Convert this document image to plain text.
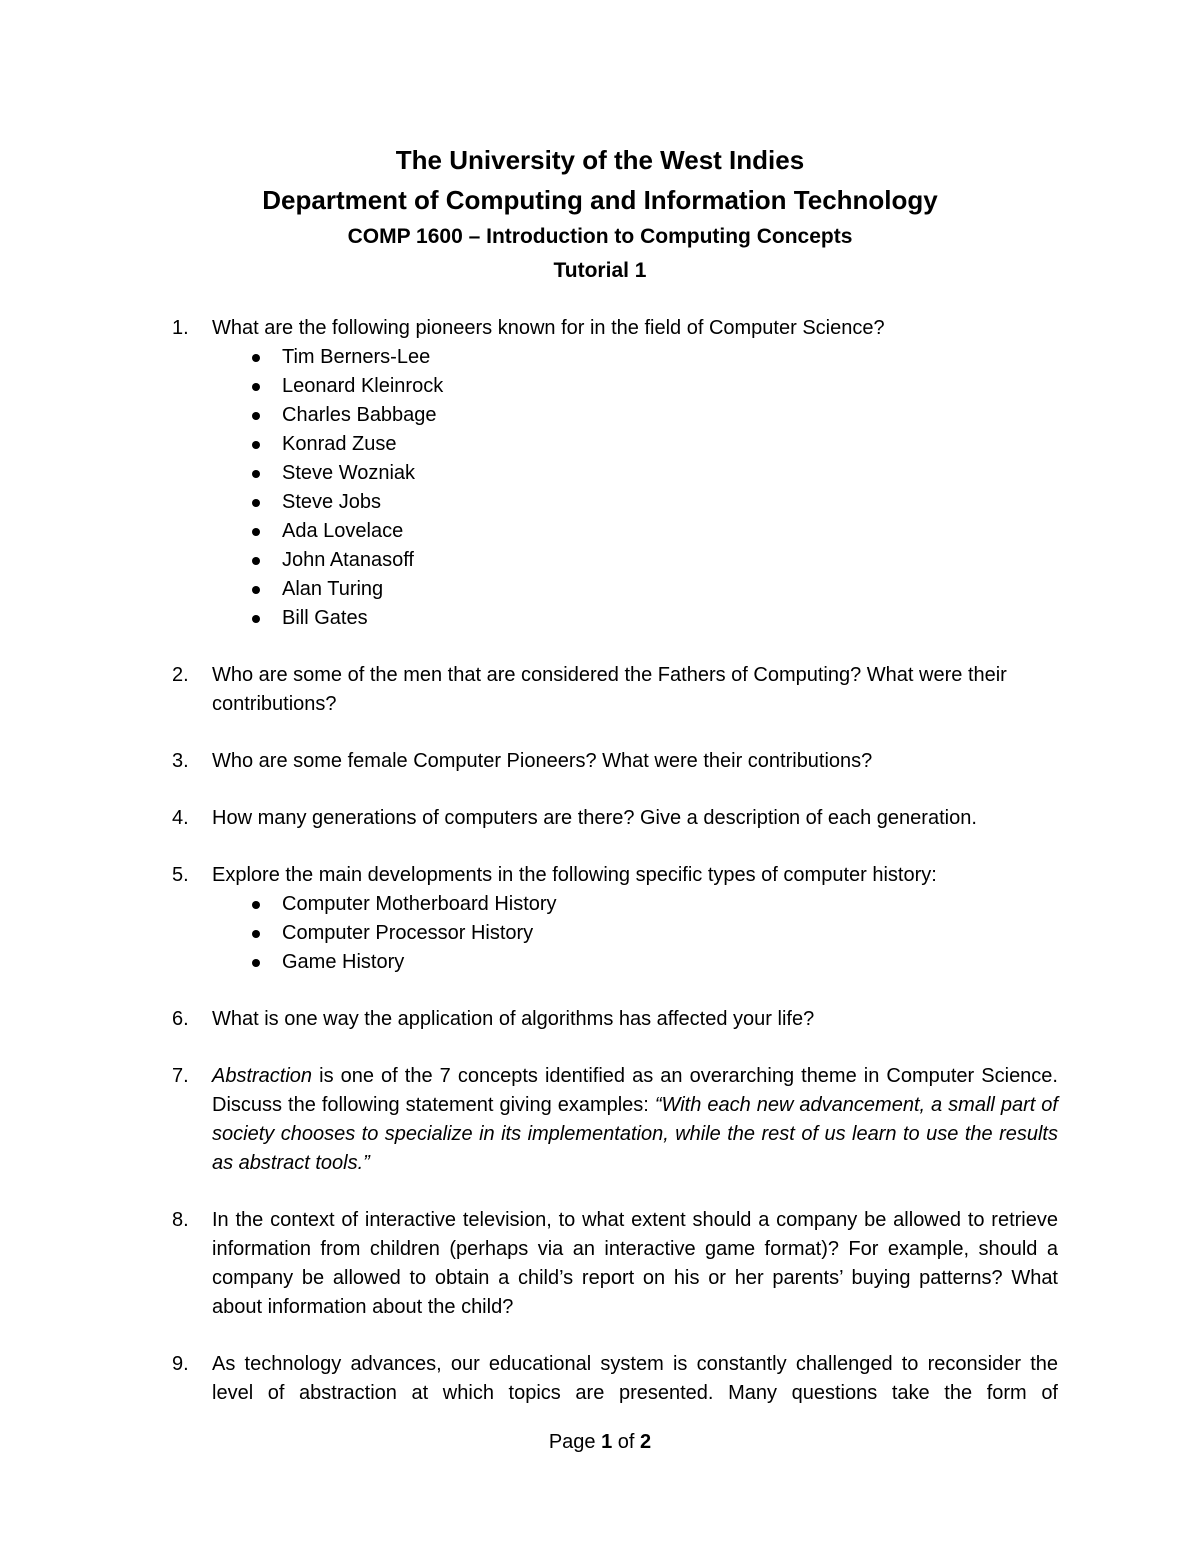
The University of the West Indies
Department of Computing and Information Technology
COMP 1600 – Introduction to Computing Concepts
Tutorial 1
1.	What are the following pioneers known for in the field of Computer Science?
Tim Berners-Lee
Leonard Kleinrock
Charles Babbage
Konrad Zuse
Steve Wozniak
Steve Jobs
Ada Lovelace
John Atanasoff
Alan Turing
Bill Gates
2.	Who are some of the men that are considered the Fathers of Computing? What were their contributions?
3.	Who are some female Computer Pioneers? What were their contributions?
4.	How many generations of computers are there? Give a description of each generation.
5.	Explore the main developments in the following specific types of computer history:
Computer Motherboard History
Computer Processor History
Game History
6.	What is one way the application of algorithms has affected your life?
7.	Abstraction is one of the 7 concepts identified as an overarching theme in Computer Science. Discuss the following statement giving examples: “With each new advancement, a small part of society chooses to specialize in its implementation, while the rest of us learn to use the results as abstract tools.”
8.	In the context of interactive television, to what extent should a company be allowed to retrieve information from children (perhaps via an interactive game format)? For example, should a company be allowed to obtain a child’s report on his or her parents’ buying patterns? What about information about the child?
9.	As technology advances, our educational system is constantly challenged to reconsider the level of abstraction at which topics are presented. Many questions take the form of
Page 1 of 2
